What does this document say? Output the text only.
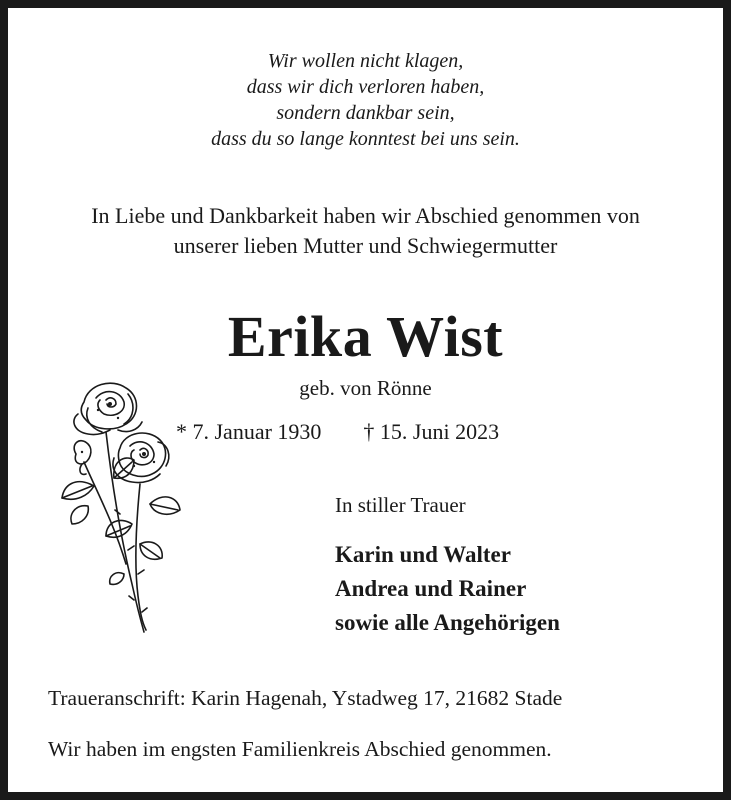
Wir wollen nicht klagen,
dass wir dich verloren haben,
sondern dankbar sein,
dass du so lange konntest bei uns sein.
In Liebe und Dankbarkeit haben wir Abschied genommen von
unserer lieben Mutter und Schwiegermutter
Erika Wist
geb. von Rönne
* 7. Januar 1930 † 15. Juni 2023
In stiller Trauer
Karin und Walter
Andrea und Rainer
sowie alle Angehörigen
Traueranschrift: Karin Hagenah, Ystadweg 17, 21682 Stade
Wir haben im engsten Familienkreis Abschied genommen.
